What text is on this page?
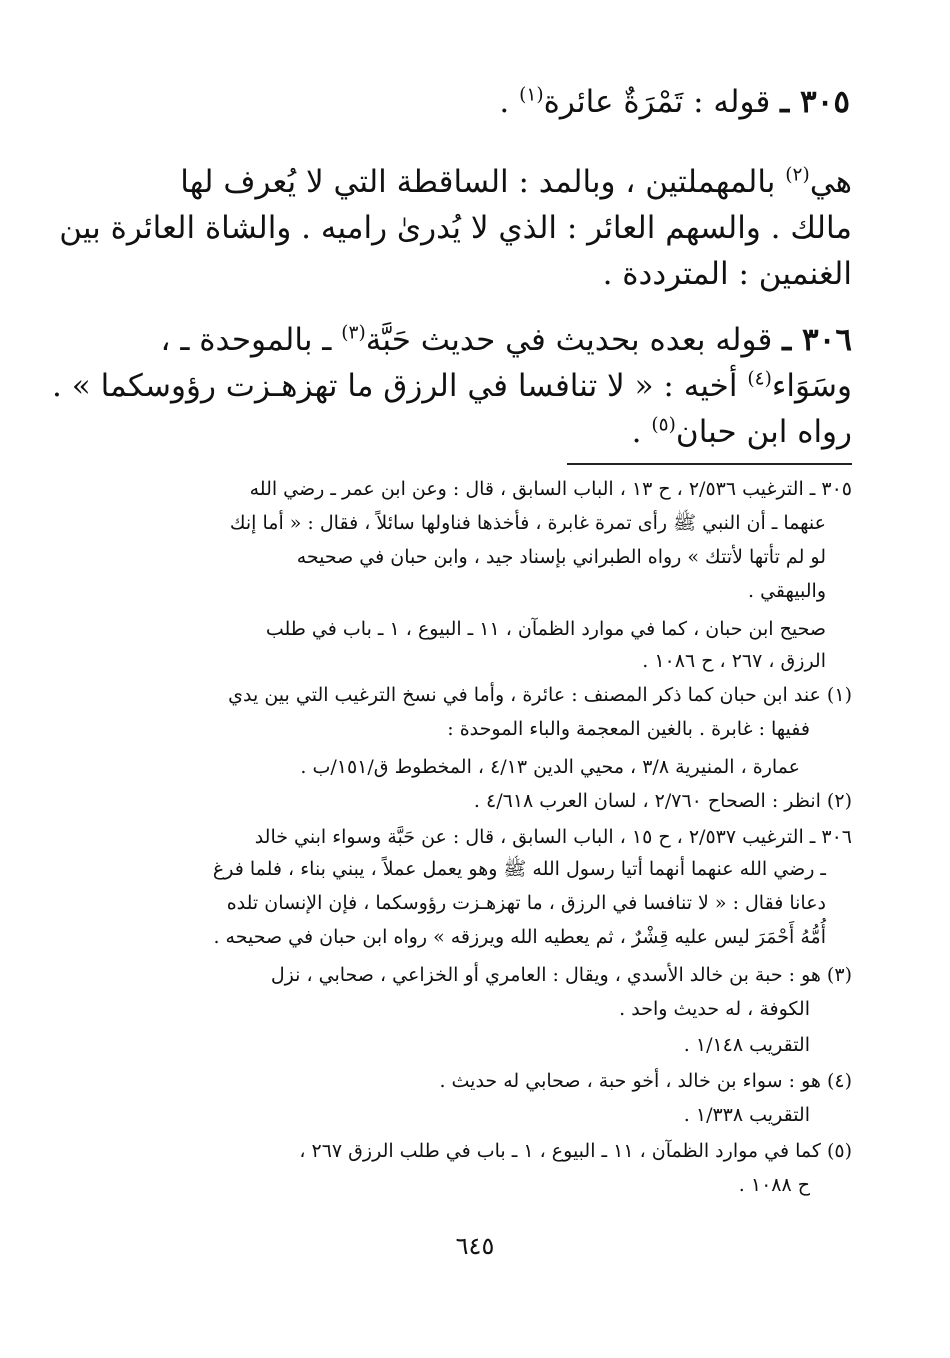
٣٠٥ ـ قوله : تَمْرَةٌ عائرة$^{(١)}$ .
هي$^{(٢)}$ بالمهملتين ، وبالمد : الساقطة التي لا يُعرف لها
مالك . والسهم العائر : الذي لا يُدرىٰ راميه . والشاة العائرة بين
الغنمين : المترددة .
٣٠٦ ـ قوله بعده بحديث في حديث حَبَّة$^{(٣)}$ ـ بالموحدة ـ ،
وسَوَاء$^{(٤)}$ أخيه : « لا تنافسا في الرزق ما تهزهـزت رؤوسكما » .
رواه ابن حبان$^{(٥)}$ .
٣٠٥ ـ الترغيب ٢/٥٣٦ ، ح ١٣ ، الباب السابق ، قال : وعن ابن عمر ـ رضي الله
عنهما ـ أن النبي ﷺ رأى تمرة غابرة ، فأخذها فناولها سائلاً ، فقال : « أما إنك
لو لم تأتها لأتتك » رواه الطبراني بإسناد جيد ، وابن حبان في صحيحه
والبيهقي .
صحيح ابن حبان ، كما في موارد الظمآن ، ١١ ـ البيوع ، ١ ـ باب في طلب
الرزق ، ٢٦٧ ، ح ١٠٨٦ .
(١) عند ابن حبان كما ذكر المصنف : عائرة ، وأما في نسخ الترغيب التي بين يدي
ففيها : غابرة . بالغين المعجمة والباء الموحدة :
عمارة ، المنيرية ٣/٨ ، محيي الدين ٤/١٣ ، المخطوط ق/١٥١/ب .
(٢) انظر : الصحاح ٢/٧٦٠ ، لسان العرب ٤/٦١٨ .
٣٠٦ ـ الترغيب ٢/٥٣٧ ، ح ١٥ ، الباب السابق ، قال : عن حَبَّة وسواء ابني خالد
ـ رضي الله عنهما أنهما أتيا رسول الله ﷺ وهو يعمل عملاً ، يبني بناء ، فلما فرغ
دعانا فقال : « لا تنافسا في الرزق ، ما تهزهـزت رؤوسكما ، فإن الإنسان تلده
أُمُّهُ أَحْمَرَ ليس عليه قِشْرٌ ، ثم يعطيه الله ويرزقه » رواه ابن حبان في صحيحه .
(٣) هو : حبة بن خالد الأسدي ، ويقال : العامري أو الخزاعي ، صحابي ، نزل
الكوفة ، له حديث واحد .
التقريب ١/١٤٨ .
(٤) هو : سواء بن خالد ، أخو حبة ، صحابي له حديث .
التقريب ١/٣٣٨ .
(٥) كما في موارد الظمآن ، ١١ ـ البيوع ، ١ ـ باب في طلب الرزق ٢٦٧ ،
ح ١٠٨٨ .
٦٤٥
